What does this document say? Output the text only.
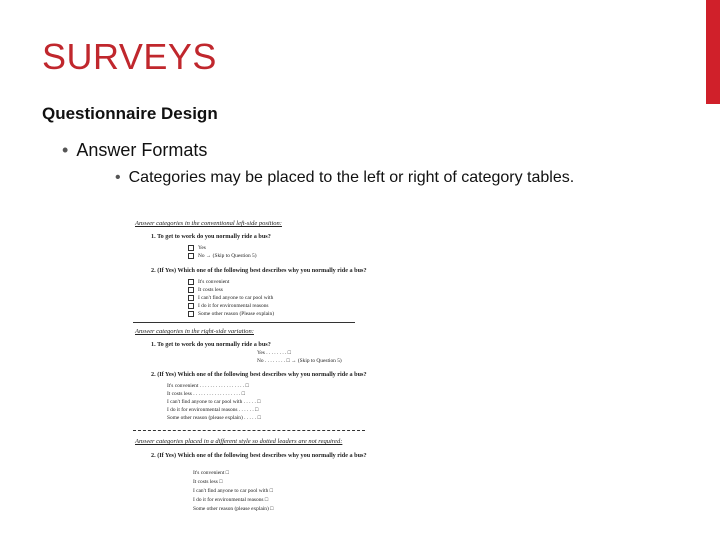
SURVEYS
Questionnaire Design
• Answer Formats
• Categories may be placed to the left or right of category tables.
Answer categories in the conventional left-side position:
1. To get to work do you normally ride a bus?
Yes
No → (Skip to Question 5)
2. (If Yes) Which one of the following best describes why you normally ride a bus?
It's convenient
It costs less
I can't find anyone to car pool with
I do it for environmental reasons
Some other reason (Please explain)
Answer categories in the right-side variation:
1. To get to work do you normally ride a bus?
Yes . . . . . . . . □
No . . . . . . . . □ → (Skip to Question 5)
2. (If Yes) Which one of the following best describes why you normally ride a bus?
It's convenient . . . . . . . . . . . . . . . . . □
It costs less . . . . . . . . . . . . . . . . . . □
I can't find anyone to car pool with . . . . . □
I do it for environmental reasons . . . . . . □
Some other reason (please explain) . . . . . □
Answer categories placed in a different style so dotted leaders are not required:
2. (If Yes) Which one of the following best describes why you normally ride a bus?
It's convenient □
It costs less □
I can't find anyone to car pool with □
I do it for environmental reasons □
Some other reason (please explain) □
